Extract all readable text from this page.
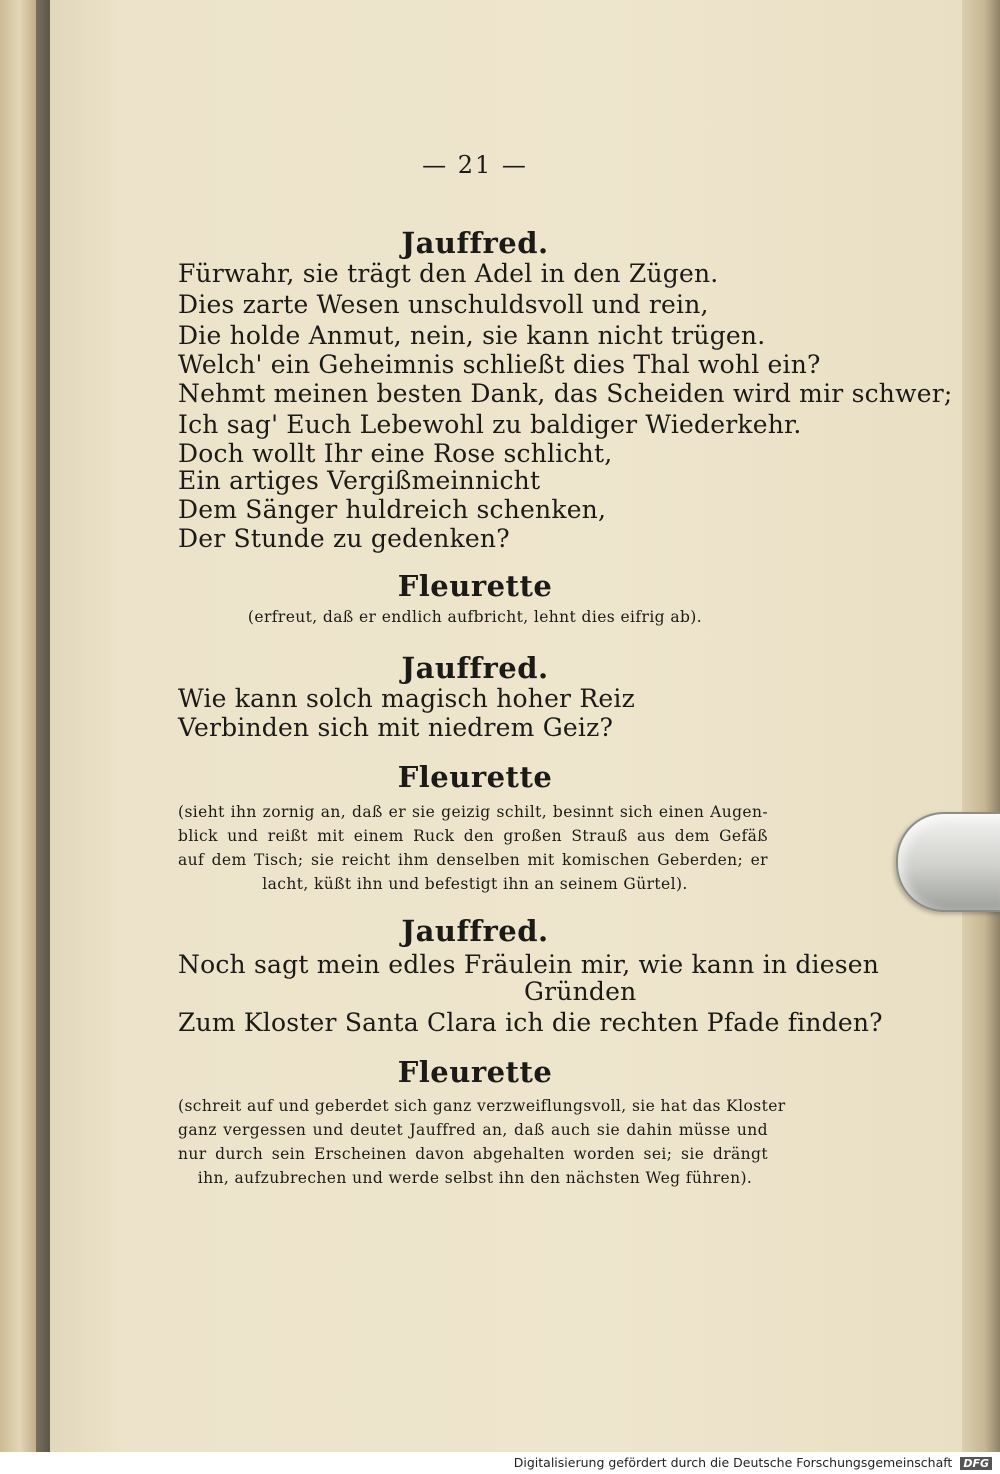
— 21 —

Jauffred.

Fürwahr, sie trägt den Adel in den Zügen.

Dies zarte Wesen unschuldsvoll und rein,

Die holde Anmut, nein, sie kann nicht trügen.

Welch' ein Geheimnis schließt dies Thal wohl ein?

Nehmt meinen besten Dank, das Scheiden wird mir schwer;

Ich sag' Euch Lebewohl zu baldiger Wiederkehr.

Doch wollt Ihr eine Rose schlicht,

Ein artiges Vergißmeinnicht

Dem Sänger huldreich schenken,

Der Stunde zu gedenken?

Fleurette

(erfreut, daß er endlich aufbricht, lehnt dies eifrig ab).

Jauffred.

Wie kann solch magisch hoher Reiz

Verbinden sich mit niedrem Geiz?

Fleurette

(sieht ihn zornig an, daß er sie geizig schilt, besinnt sich einen Augen-

blick und reißt mit einem Ruck den großen Strauß aus dem Gefäß

auf dem Tisch; sie reicht ihm denselben mit komischen Geberden; er

lacht, küßt ihn und befestigt ihn an seinem Gürtel).

Jauffred.

Noch sagt mein edles Fräulein mir, wie kann in diesen

Gründen

Zum Kloster Santa Clara ich die rechten Pfade finden?

Fleurette

(schreit auf und geberdet sich ganz verzweiflungsvoll, sie hat das Kloster

ganz vergessen und deutet Jauffred an, daß auch sie dahin müsse und

nur durch sein Erscheinen davon abgehalten worden sei; sie drängt

ihn, aufzubrechen und werde selbst ihn den nächsten Weg führen).

Digitalisierung gefördert durch die Deutsche Forschungsgemeinschaft DFG
